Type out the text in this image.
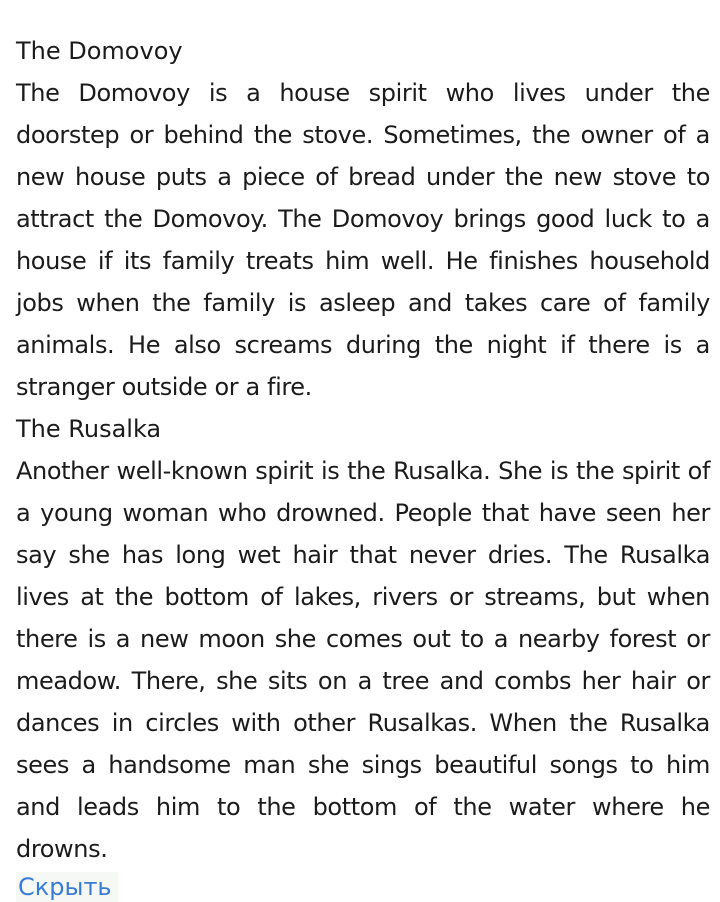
The Domovoy

The Domovoy is a house spirit who lives under the doorstep or behind the stove. Sometimes, the owner of a new house puts a piece of bread under the new stove to attract the Domovoy. The Domovoy brings good luck to a house if its family treats him well. He finishes household jobs when the family is asleep and takes care of family animals. He also screams during the night if there is a stranger outside or a fire.

The Rusalka

Another well-known spirit is the Rusalka. She is the spirit of a young woman who drowned. People that have seen her say she has long wet hair that never dries. The Rusalka lives at the bottom of lakes, rivers or streams, but when there is a new moon she comes out to a nearby forest or meadow. There, she sits on a tree and combs her hair or dances in circles with other Rusalkas. When the Rusalka sees a handsome man she sings beautiful songs to him and leads him to the bottom of the water where he drowns.

Скрыть
